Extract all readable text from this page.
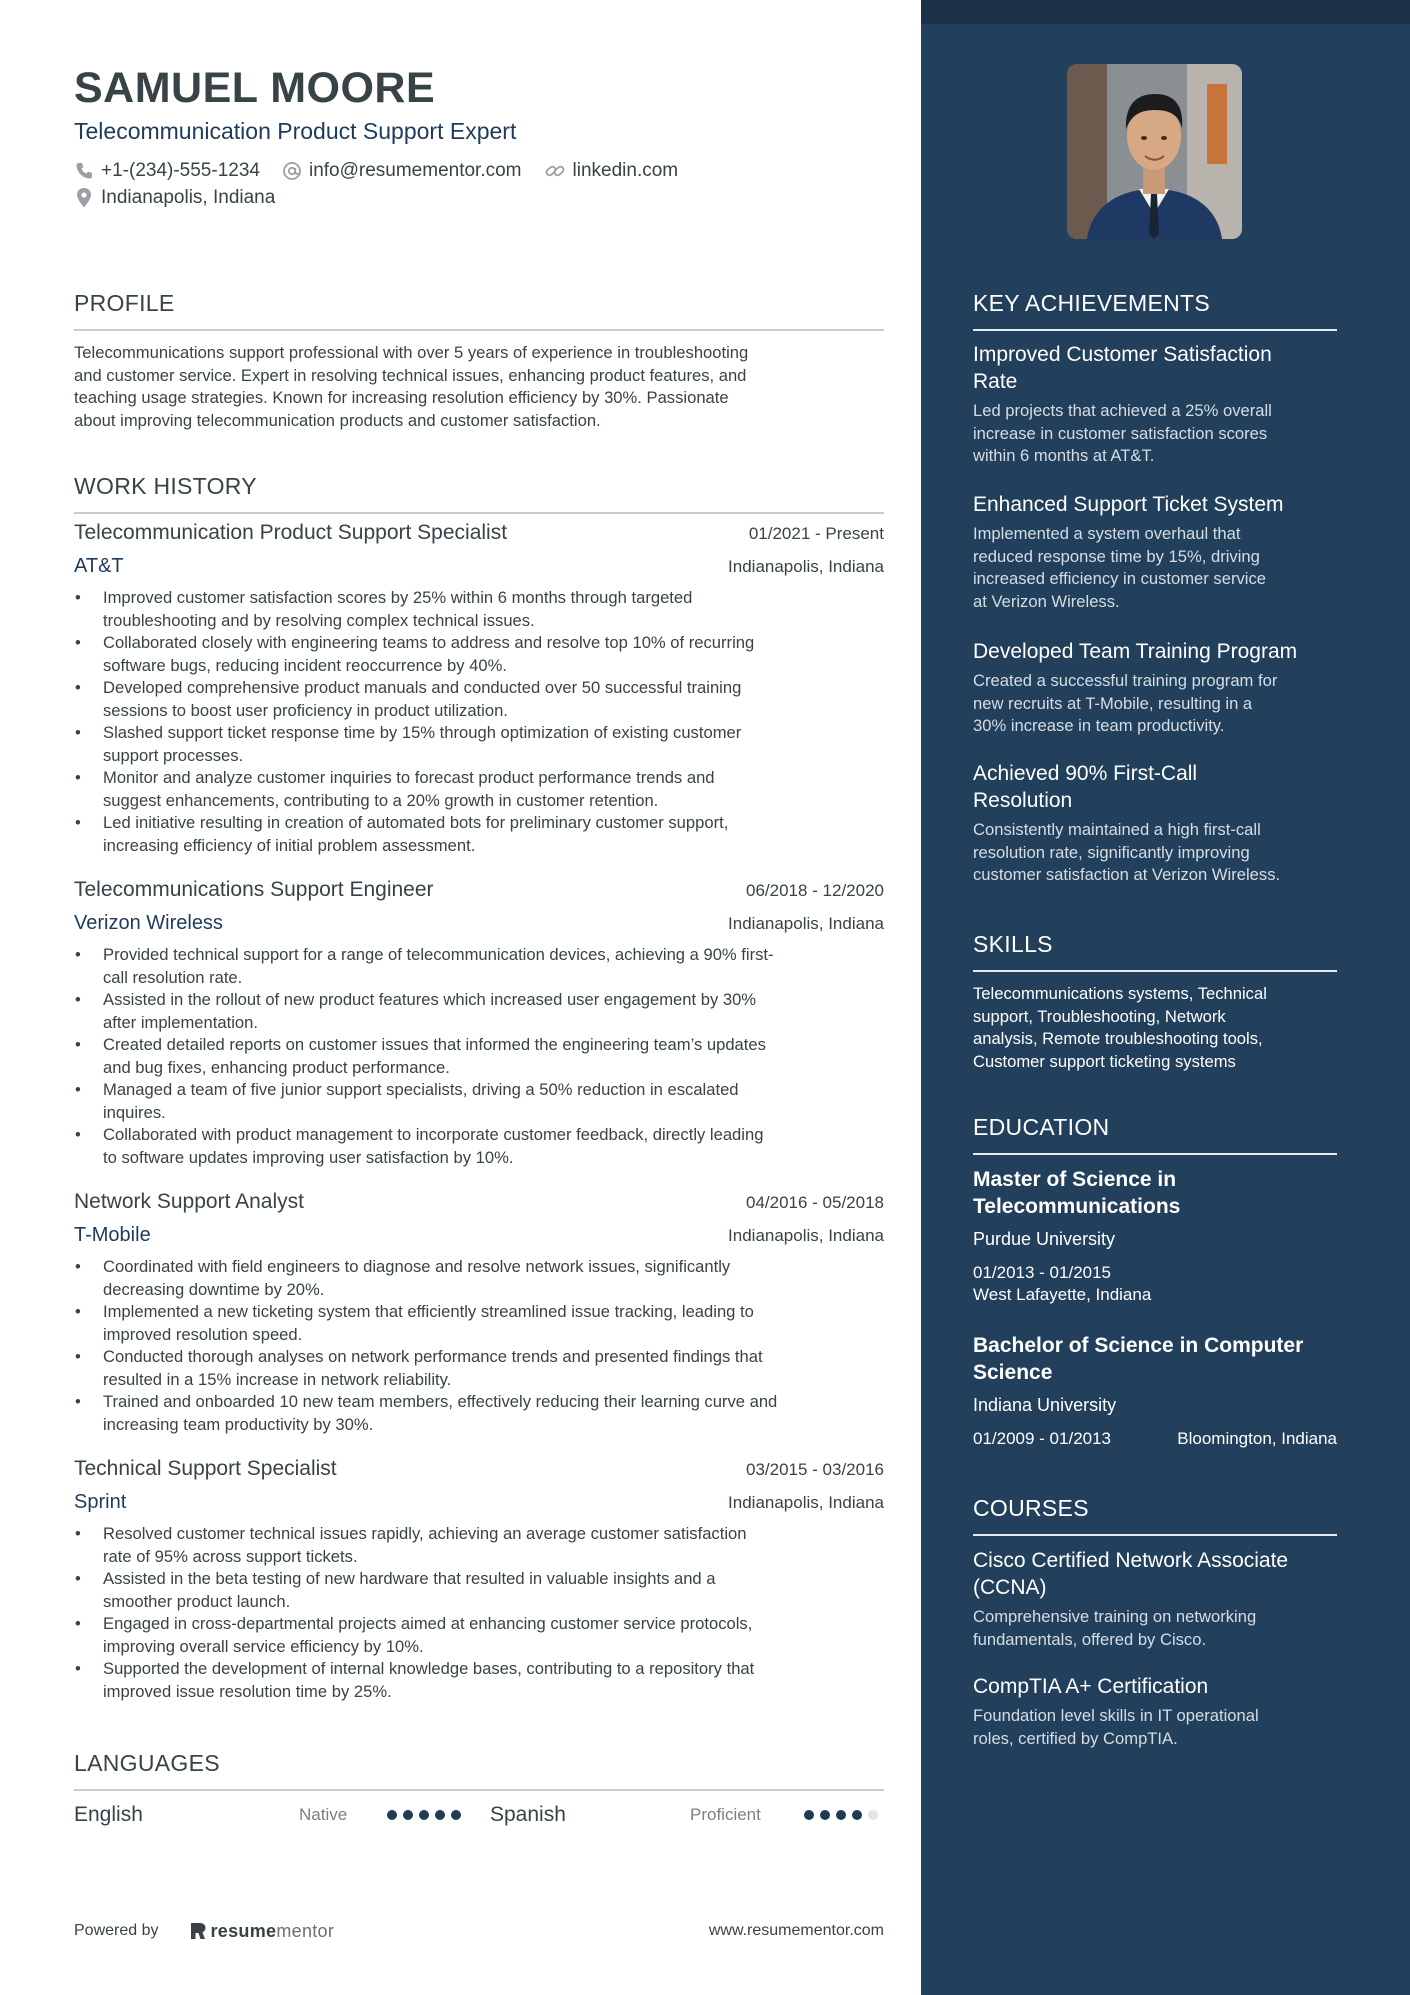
SAMUEL MOORE
Telecommunication Product Support Expert
+1-(234)-555-1234	info@resumementor.com	linkedin.com
Indianapolis, Indiana
PROFILE
Telecommunications support professional with over 5 years of experience in troubleshooting
and customer service. Expert in resolving technical issues, enhancing product features, and
teaching usage strategies. Known for increasing resolution efficiency by 30%. Passionate
about improving telecommunication products and customer satisfaction.
WORK HISTORY
Telecommunication Product Support Specialist	01/2021 - Present
AT&T	Indianapolis, Indiana
• Improved customer satisfaction scores by 25% within 6 months through targeted
troubleshooting and by resolving complex technical issues.
• Collaborated closely with engineering teams to address and resolve top 10% of recurring
software bugs, reducing incident reoccurrence by 40%.
• Developed comprehensive product manuals and conducted over 50 successful training
sessions to boost user proficiency in product utilization.
• Slashed support ticket response time by 15% through optimization of existing customer
support processes.
• Monitor and analyze customer inquiries to forecast product performance trends and
suggest enhancements, contributing to a 20% growth in customer retention.
• Led initiative resulting in creation of automated bots for preliminary customer support,
increasing efficiency of initial problem assessment.
Telecommunications Support Engineer	06/2018 - 12/2020
Verizon Wireless	Indianapolis, Indiana
• Provided technical support for a range of telecommunication devices, achieving a 90% first-
call resolution rate.
• Assisted in the rollout of new product features which increased user engagement by 30%
after implementation.
• Created detailed reports on customer issues that informed the engineering team’s updates
and bug fixes, enhancing product performance.
• Managed a team of five junior support specialists, driving a 50% reduction in escalated
inquires.
• Collaborated with product management to incorporate customer feedback, directly leading
to software updates improving user satisfaction by 10%.
Network Support Analyst	04/2016 - 05/2018
T-Mobile	Indianapolis, Indiana
• Coordinated with field engineers to diagnose and resolve network issues, significantly
decreasing downtime by 20%.
• Implemented a new ticketing system that efficiently streamlined issue tracking, leading to
improved resolution speed.
• Conducted thorough analyses on network performance trends and presented findings that
resulted in a 15% increase in network reliability.
• Trained and onboarded 10 new team members, effectively reducing their learning curve and
increasing team productivity by 30%.
Technical Support Specialist	03/2015 - 03/2016
Sprint	Indianapolis, Indiana
• Resolved customer technical issues rapidly, achieving an average customer satisfaction
rate of 95% across support tickets.
• Assisted in the beta testing of new hardware that resulted in valuable insights and a
smoother product launch.
• Engaged in cross-departmental projects aimed at enhancing customer service protocols,
improving overall service efficiency by 10%.
• Supported the development of internal knowledge bases, contributing to a repository that
improved issue resolution time by 25%.
LANGUAGES
English	Native	Spanish	Proficient
Powered by	resumementor	www.resumementor.com
KEY ACHIEVEMENTS
Improved Customer Satisfaction
Rate
Led projects that achieved a 25% overall
increase in customer satisfaction scores
within 6 months at AT&T.
Enhanced Support Ticket System
Implemented a system overhaul that
reduced response time by 15%, driving
increased efficiency in customer service
at Verizon Wireless.
Developed Team Training Program
Created a successful training program for
new recruits at T-Mobile, resulting in a
30% increase in team productivity.
Achieved 90% First-Call
Resolution
Consistently maintained a high first-call
resolution rate, significantly improving
customer satisfaction at Verizon Wireless.
SKILLS
Telecommunications systems, Technical
support, Troubleshooting, Network
analysis, Remote troubleshooting tools,
Customer support ticketing systems
EDUCATION
Master of Science in
Telecommunications
Purdue University
01/2013 - 01/2015
West Lafayette, Indiana
Bachelor of Science in Computer
Science
Indiana University
01/2009 - 01/2013	Bloomington, Indiana
COURSES
Cisco Certified Network Associate
(CCNA)
Comprehensive training on networking
fundamentals, offered by Cisco.
CompTIA A+ Certification
Foundation level skills in IT operational
roles, certified by CompTIA.
